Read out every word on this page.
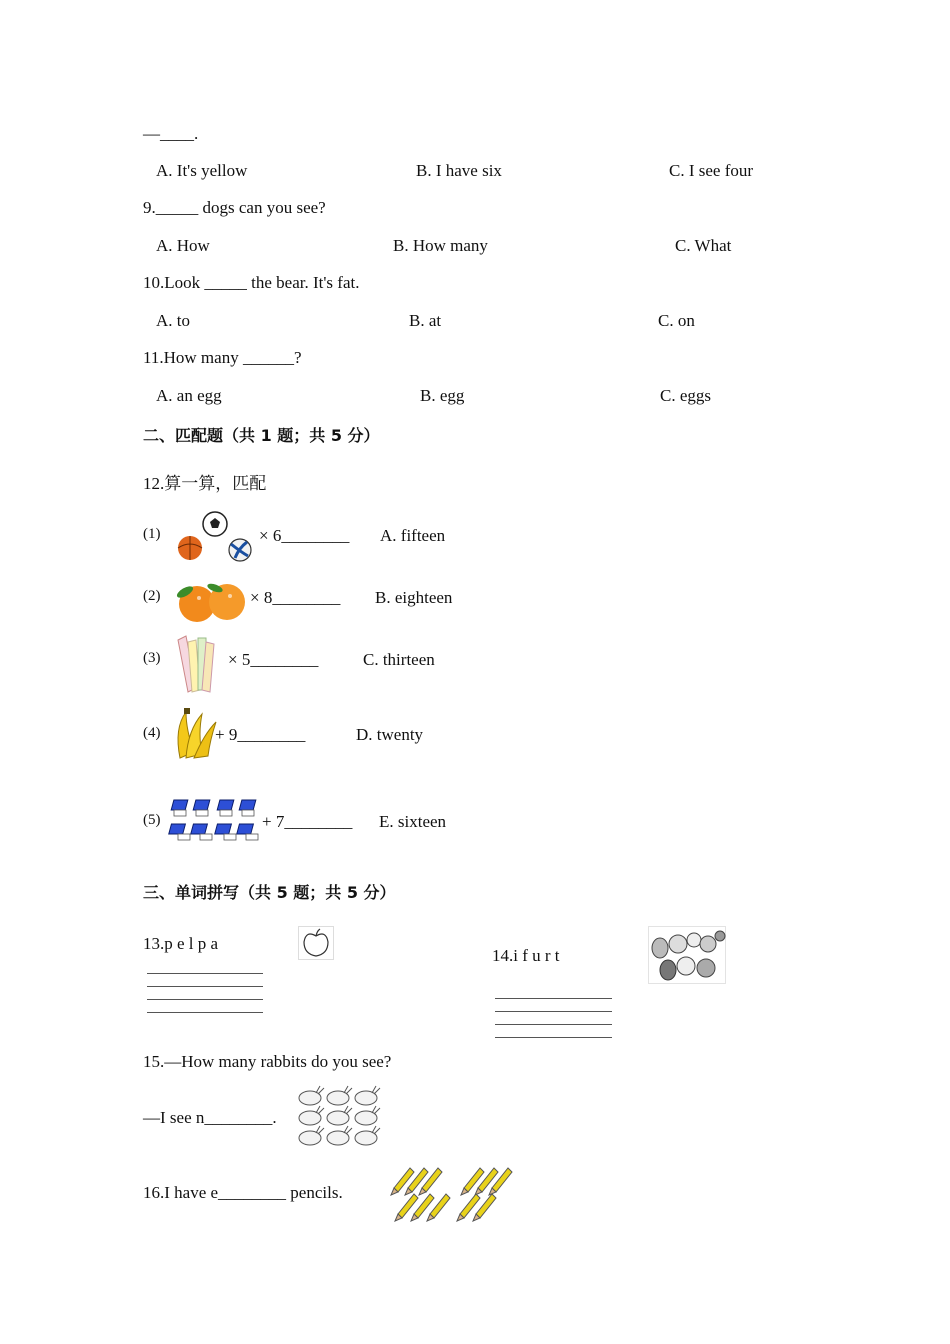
—____.
A. It's yellow	B. I have six	C. I see four
9._____ dogs can you see?
A. How	B. How many	C. What
10.Look _____ the bear. It's fat.
A. to	B. at	C. on
11.How many ______?
A. an egg	B. egg	C. eggs
二、匹配题（共 1 题；共 5 分）
12.算一算，匹配
(1)	× 6________ A. fifteen
(2)	× 8________ B. eighteen
(3)	× 5________	C. thirteen
(4)	+ 9________	D. twenty
(5)	+ 7________ E. sixteen
三、单词拼写（共 5 题；共 5 分）
13.p e l p a
14.i f u r t
15.—How many rabbits do you see?
—I see n________.
16.I have e________ pencils.
